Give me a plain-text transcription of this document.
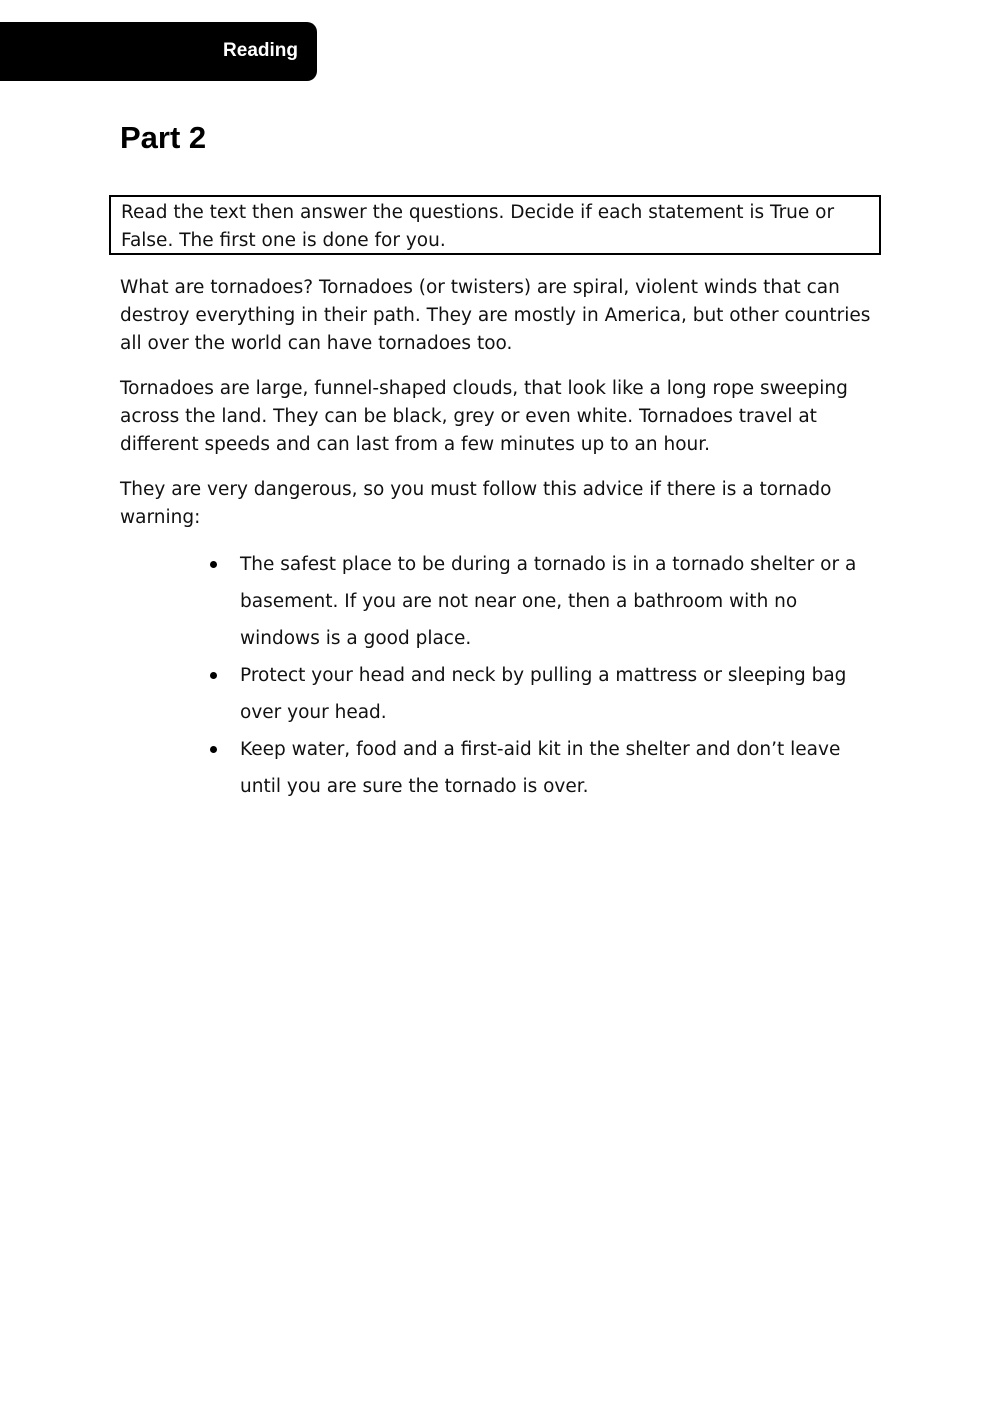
Reading
Part 2
Read the text then answer the questions. Decide if each statement is True or False. The first one is done for you.

What are tornadoes? Tornadoes (or twisters) are spiral, violent winds that can destroy everything in their path. They are mostly in America, but other countries all over the world can have tornadoes too.

Tornadoes are large, funnel-shaped clouds, that look like a long rope sweeping across the land. They can be black, grey or even white. Tornadoes travel at different speeds and can last from a few minutes up to an hour.

They are very dangerous, so you must follow this advice if there is a tornado warning:

The safest place to be during a tornado is in a tornado shelter or a basement. If you are not near one, then a bathroom with no windows is a good place.
Protect your head and neck by pulling a mattress or sleeping bag over your head.
Keep water, food and a first-aid kit in the shelter and don’t leave until you are sure the tornado is over.
